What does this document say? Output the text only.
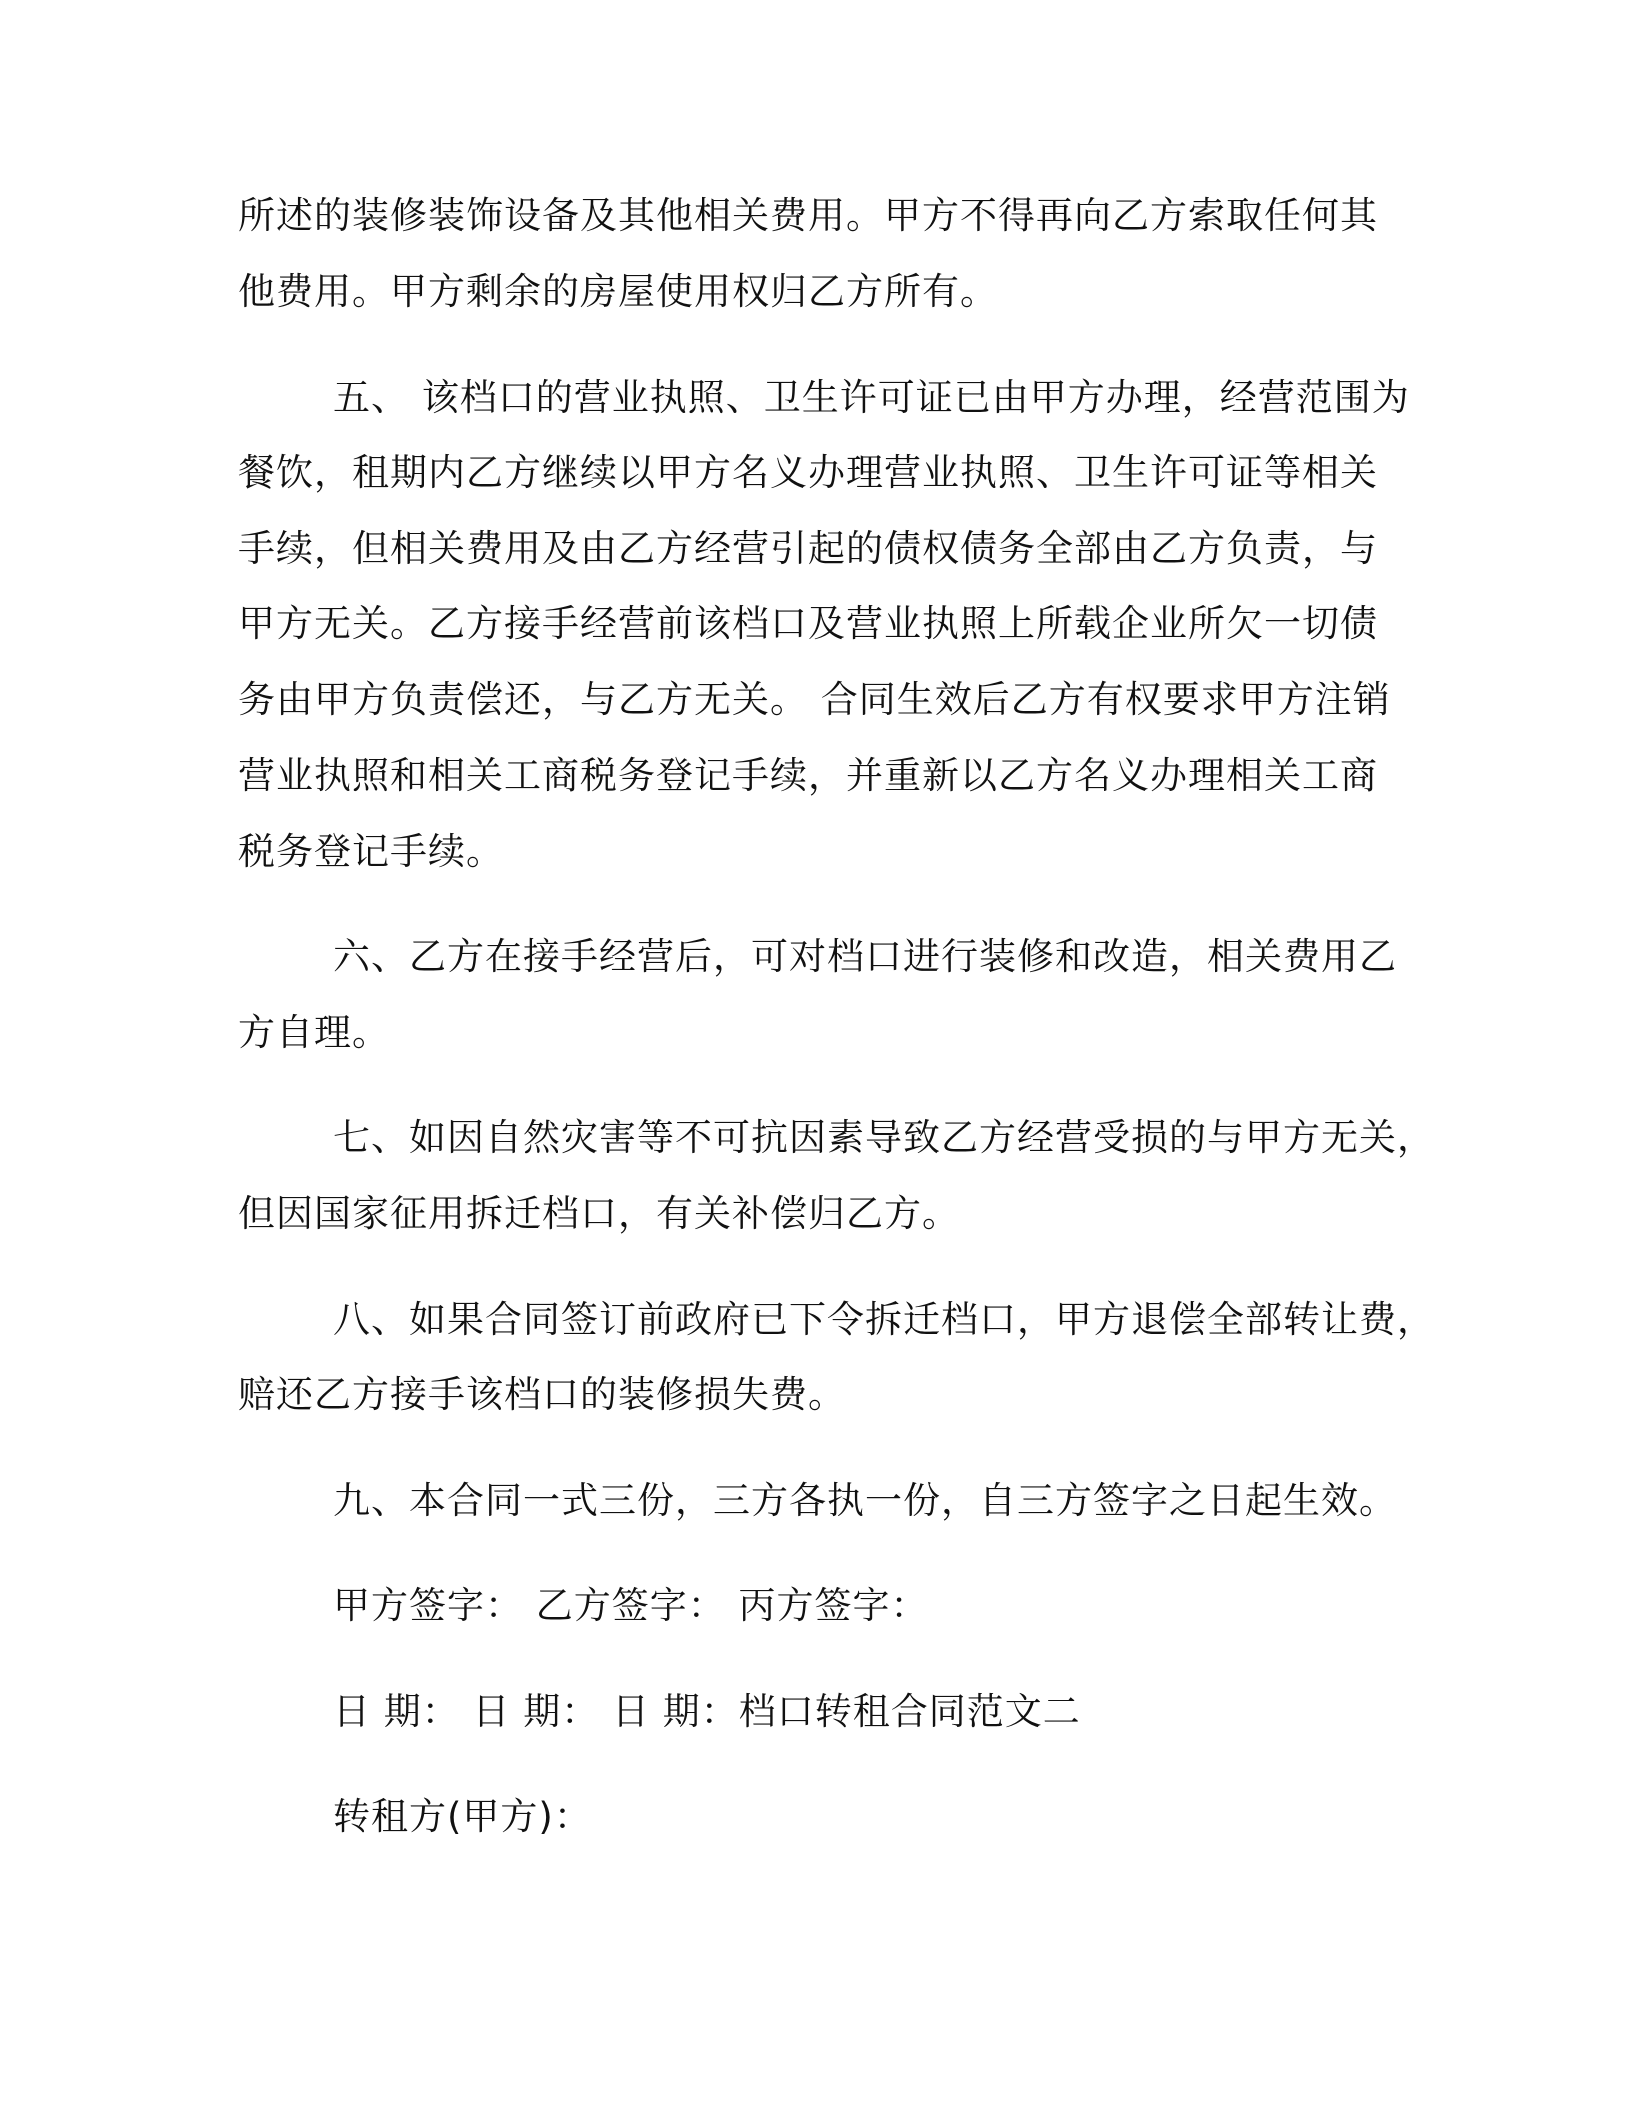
所述的装修装饰设备及其他相关费用。甲方不得再向乙方索取任何其
他费用。甲方剩余的房屋使用权归乙方所有。
五、 该档口的营业执照、卫生许可证已由甲方办理，经营范围为
餐饮，租期内乙方继续以甲方名义办理营业执照、卫生许可证等相关
手续，但相关费用及由乙方经营引起的债权债务全部由乙方负责，与
甲方无关。乙方接手经营前该档口及营业执照上所载企业所欠一切债
务由甲方负责偿还，与乙方无关。 合同生效后乙方有权要求甲方注销
营业执照和相关工商税务登记手续，并重新以乙方名义办理相关工商
税务登记手续。
六、乙方在接手经营后，可对档口进行装修和改造，相关费用乙
方自理。
七、如因自然灾害等不可抗因素导致乙方经营受损的与甲方无关，
但因国家征用拆迁档口，有关补偿归乙方。
八、如果合同签订前政府已下令拆迁档口，甲方退偿全部转让费，
赔还乙方接手该档口的装修损失费。
九、本合同一式三份，三方各执一份，自三方签字之日起生效。
甲方签字： 乙方签字： 丙方签字：
日 期： 日 期： 日 期：档口转租合同范文二
转租方(甲方)：
